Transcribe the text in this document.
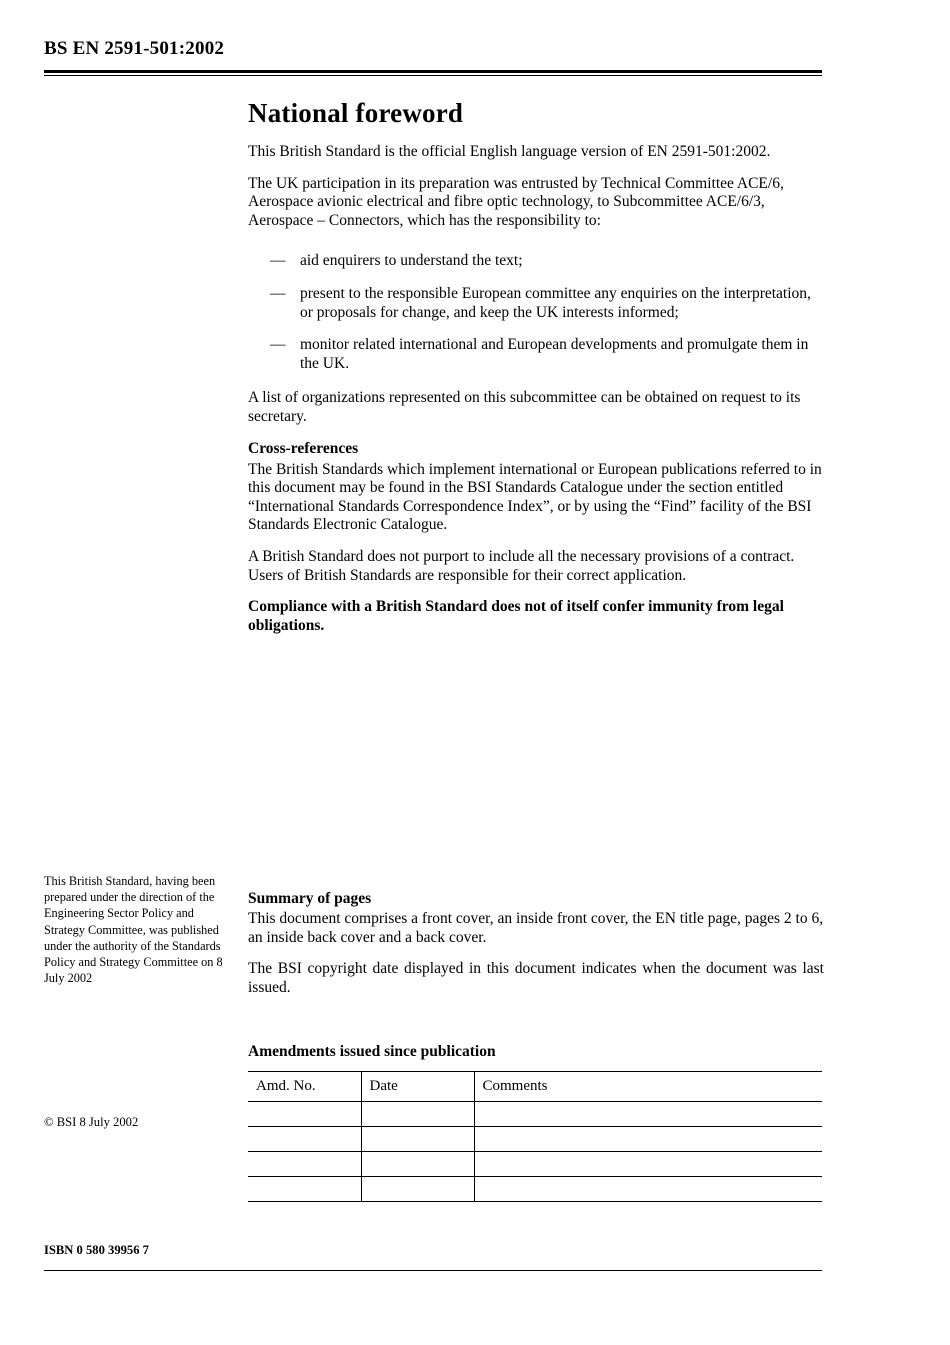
BS EN 2591-501:2002
National foreword

This British Standard is the official English language version of EN 2591-501:2002.

The UK participation in its preparation was entrusted by Technical Committee ACE/6, Aerospace avionic electrical and fibre optic technology, to Subcommittee ACE/6/3, Aerospace – Connectors, which has the responsibility to:

— aid enquirers to understand the text;
— present to the responsible European committee any enquiries on the interpretation, or proposals for change, and keep the UK interests informed;
— monitor related international and European developments and promulgate them in the UK.

A list of organizations represented on this subcommittee can be obtained on request to its secretary.

Cross-references

The British Standards which implement international or European publications referred to in this document may be found in the BSI Standards Catalogue under the section entitled “International Standards Correspondence Index”, or by using the “Find” facility of the BSI Standards Electronic Catalogue.

A British Standard does not purport to include all the necessary provisions of a contract. Users of British Standards are responsible for their correct application.

Compliance with a British Standard does not of itself confer immunity from legal obligations.

This British Standard, having been prepared under the direction of the Engineering Sector Policy and Strategy Committee, was published under the authority of the Standards Policy and Strategy Committee on 8 July 2002
© BSI 8 July 2002
ISBN 0 580 39956 7
Summary of pages

This document comprises a front cover, an inside front cover, the EN title page, pages 2 to 6, an inside back cover and a back cover.

The BSI copyright date displayed in this document indicates when the document was last issued.

Amendments issued since publication
Amd. No.	Date	Comments
